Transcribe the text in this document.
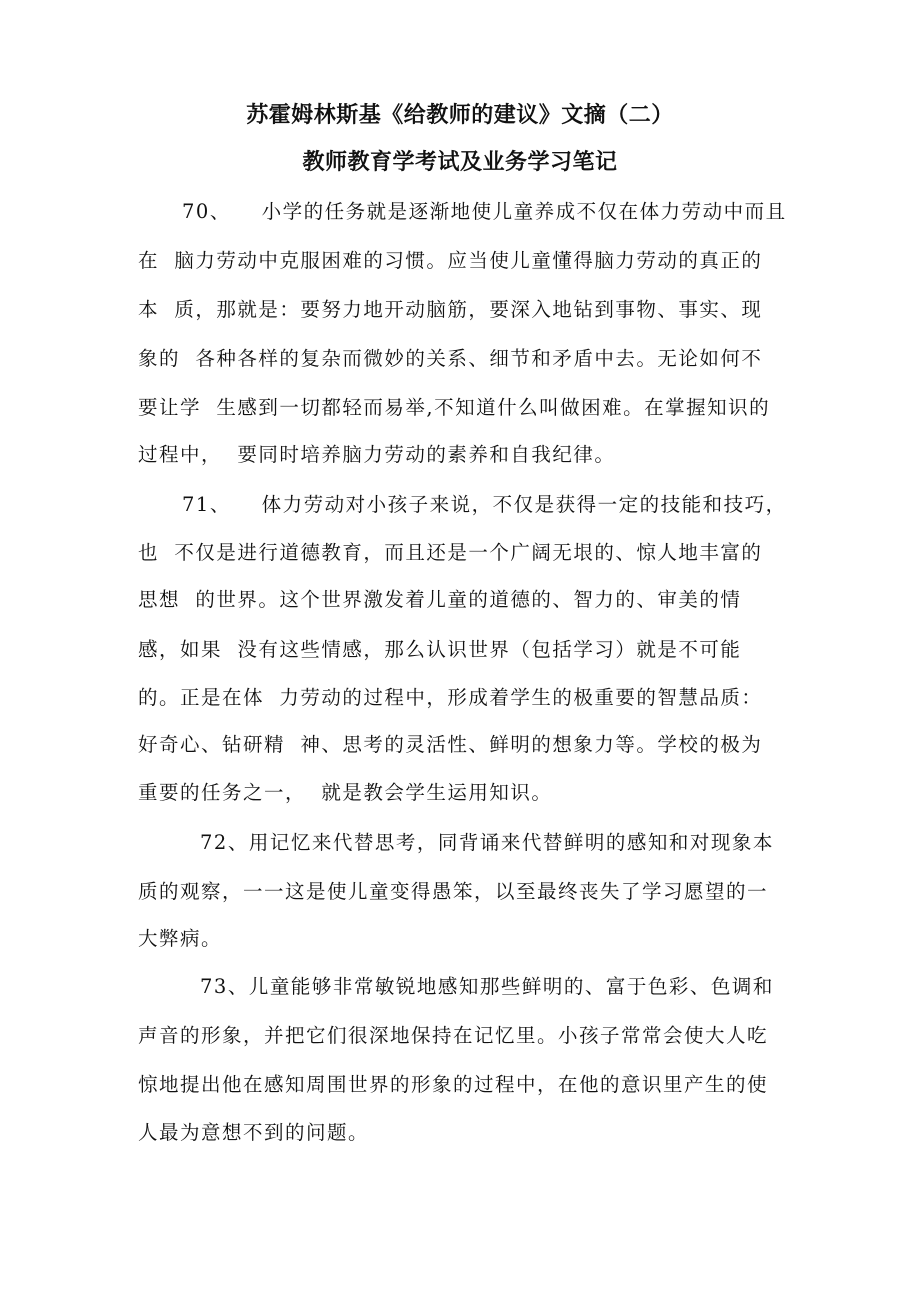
苏霍姆林斯基《给教师的建议》文摘（二）
教师教育学考试及业务学习笔记
70、    小学的任务就是逐渐地使儿童养成不仅在体力劳动中而且
在  脑力劳动中克服困难的习惯。应当使儿童懂得脑力劳动的真正的
本  质，那就是：要努力地开动脑筋，要深入地钻到事物、事实、现
象的  各种各样的复杂而微妙的关系、细节和矛盾中去。无论如何不
要让学  生感到一切都轻而易举,不知道什么叫做困难。在掌握知识的
过程中，  要同时培养脑力劳动的素养和自我纪律。
71、    体力劳动对小孩子来说，不仅是获得一定的技能和技巧，
也  不仅是进行道德教育，而且还是一个广阔无垠的、惊人地丰富的
思想  的世界。这个世界激发着儿童的道德的、智力的、审美的情
感，如果  没有这些情感，那么认识世界（包括学习）就是不可能
的。正是在体  力劳动的过程中，形成着学生的极重要的智慧品质：
好奇心、钻研精  神、思考的灵活性、鲜明的想象力等。学校的极为
重要的任务之一，  就是教会学生运用知识。
72、用记忆来代替思考，同背诵来代替鲜明的感知和对现象本
质的观察，一一这是使儿童变得愚笨，以至最终丧失了学习愿望的一
大弊病。
73、儿童能够非常敏锐地感知那些鲜明的、富于色彩、色调和
声音的形象，并把它们很深地保持在记忆里。小孩子常常会使大人吃
惊地提出他在感知周围世界的形象的过程中，在他的意识里产生的使
人最为意想不到的问题。
